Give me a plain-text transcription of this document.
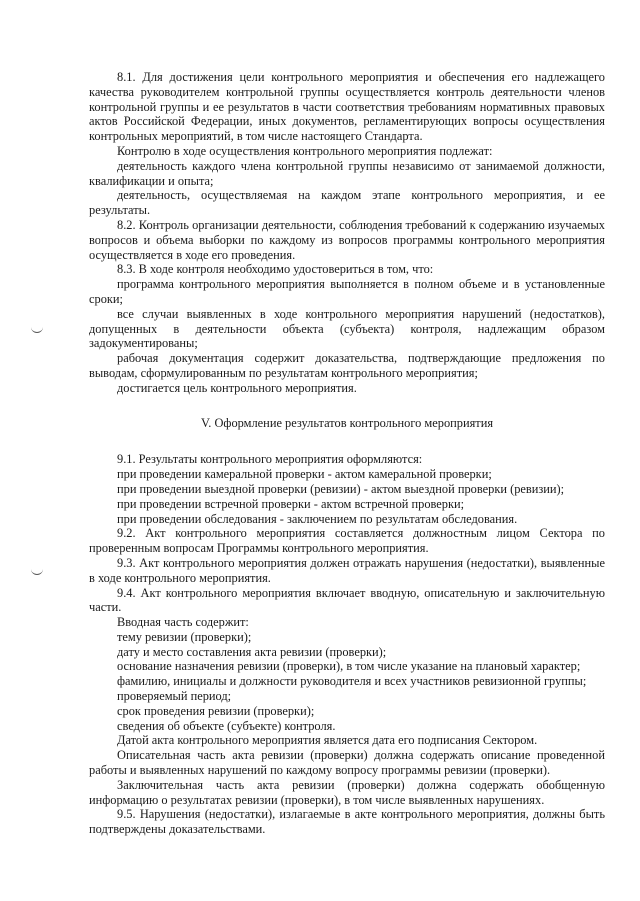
8.1. Для достижения цели контрольного мероприятия и обеспечения его надлежащего качества руководителем контрольной группы осуществляется контроль деятельности членов контрольной группы и ее результатов в части соответствия требованиям нормативных правовых актов Российской Федерации, иных документов, регламентирующих вопросы осуществления контрольных мероприятий, в том числе настоящего Стандарта.

Контролю в ходе осуществления контрольного мероприятия подлежат:

деятельность каждого члена контрольной группы независимо от занимаемой должности, квалификации и опыта;

деятельность, осуществляемая на каждом этапе контрольного мероприятия, и ее результаты.

8.2. Контроль организации деятельности, соблюдения требований к содержанию изучаемых вопросов и объема выборки по каждому из вопросов программы контрольного мероприятия осуществляется в ходе его проведения.

8.3. В ходе контроля необходимо удостовериться в том, что:

программа контрольного мероприятия выполняется в полном объеме и в установленные сроки;

все случаи выявленных в ходе контрольного мероприятия нарушений (недостатков), допущенных в деятельности объекта (субъекта) контроля, надлежащим образом задокументированы;

рабочая документация содержит доказательства, подтверждающие предложения по выводам, сформулированным по результатам контрольного мероприятия;

достигается цель контрольного мероприятия.

V. Оформление результатов контрольного мероприятия

9.1. Результаты контрольного мероприятия оформляются:

при проведении камеральной проверки - актом камеральной проверки;

при проведении выездной проверки (ревизии) - актом выездной проверки (ревизии);

при проведении встречной проверки - актом встречной проверки;

при проведении обследования - заключением по результатам обследования.

9.2. Акт контрольного мероприятия составляется должностным лицом Сектора по проверенным вопросам Программы контрольного мероприятия.

9.3. Акт контрольного мероприятия должен отражать нарушения (недостатки), выявленные в ходе контрольного мероприятия.

9.4. Акт контрольного мероприятия включает вводную, описательную и заключительную части.

Вводная часть содержит:

тему ревизии (проверки);

дату и место составления акта ревизии (проверки);

основание назначения ревизии (проверки), в том числе указание на плановый характер;

фамилию, инициалы и должности руководителя и всех участников ревизионной группы;

проверяемый период;

срок проведения ревизии (проверки);

сведения об объекте (субъекте) контроля.

Датой акта контрольного мероприятия является дата его подписания Сектором.

Описательная часть акта ревизии (проверки) должна содержать описание проведенной работы и выявленных нарушений по каждому вопросу программы ревизии (проверки).

Заключительная часть акта ревизии (проверки) должна содержать обобщенную информацию о результатах ревизии (проверки), в том числе выявленных нарушениях.

9.5. Нарушения (недостатки), излагаемые в акте контрольного мероприятия, должны быть подтверждены доказательствами.
